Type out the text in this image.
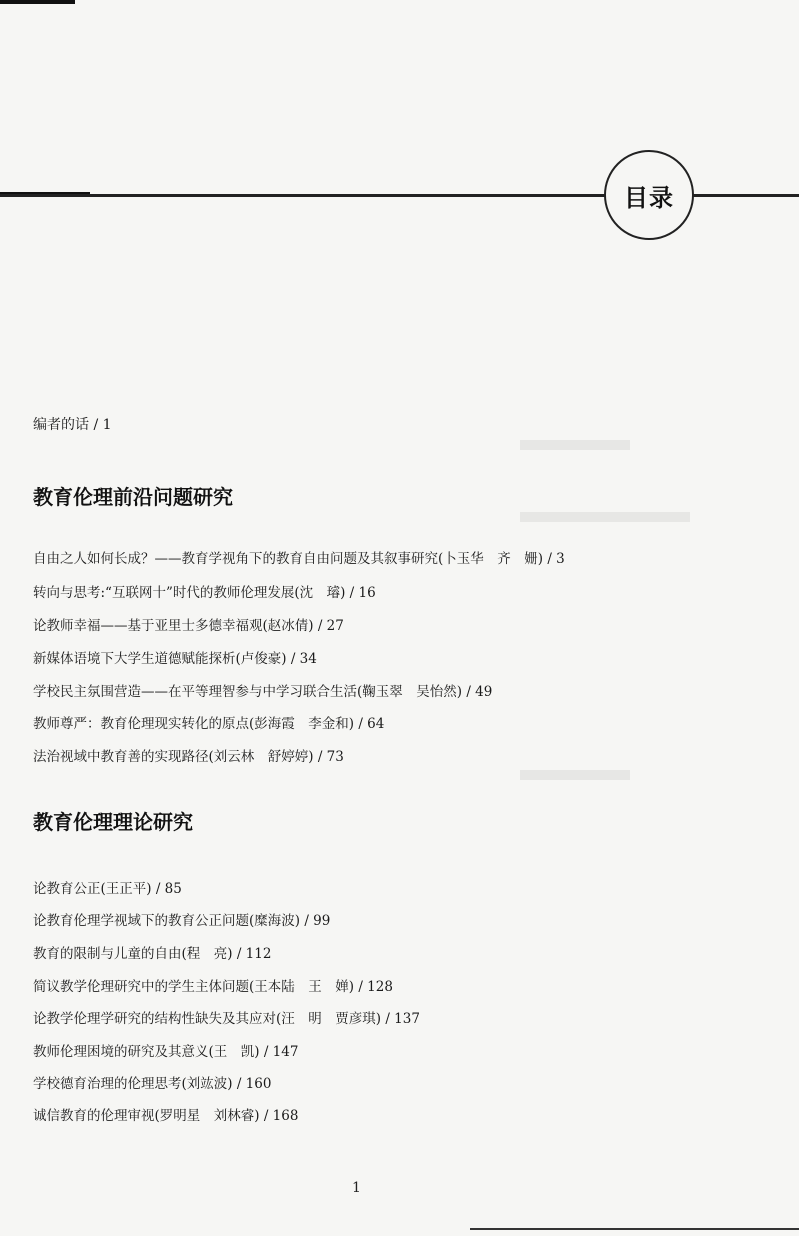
目录
编者的话 / 1
教育伦理前沿问题研究
自由之人如何长成？——教育学视角下的教育自由问题及其叙事研究(卜玉华　齐　姗) / 3
转向与思考:“互联网十”时代的教师伦理发展(沈　璿) / 16
论教师幸福——基于亚里士多德幸福观(赵冰倩) / 27
新媒体语境下大学生道德赋能探析(卢俊豪) / 34
学校民主氛围营造——在平等理智参与中学习联合生活(鞠玉翠　吴怡然) / 49
教师尊严：教育伦理现实转化的原点(彭海霞　李金和) / 64
法治视域中教育善的实现路径(刘云林　舒婷婷) / 73
教育伦理理论研究
论教育公正(王正平) / 85
论教育伦理学视域下的教育公正问题(糜海波) / 99
教育的限制与儿童的自由(程　亮) / 112
简议教学伦理研究中的学生主体问题(王本陆　王　婵) / 128
论教学伦理学研究的结构性缺失及其应对(汪　明　贾彦琪) / 137
教师伦理困境的研究及其意义(王　凯) / 147
学校德育治理的伦理思考(刘竑波) / 160
诚信教育的伦理审视(罗明星　刘林睿) / 168
1
